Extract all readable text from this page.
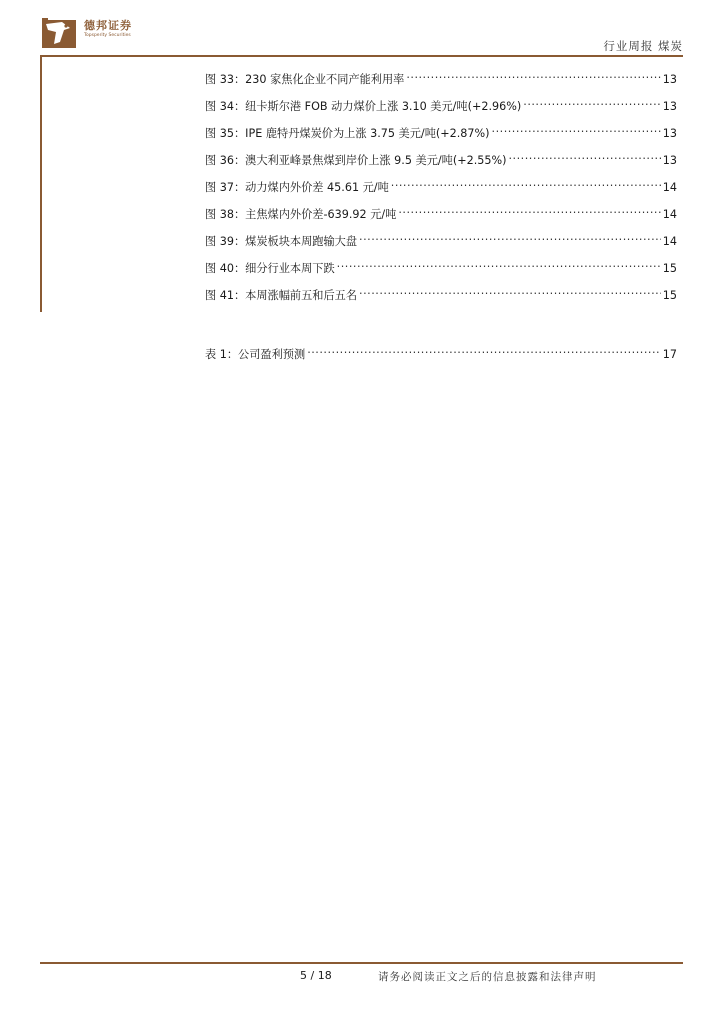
德邦证券
Topsperity Securities
行业周报 煤炭
图 33：230 家焦化企业不同产能利用率 .....	13
图 34：纽卡斯尔港 FOB 动力煤价上涨 3.10 美元/吨(+2.96%) .....	13
图 35：IPE 鹿特丹煤炭价为上涨 3.75 美元/吨(+2.87%) .....	13
图 36：澳大利亚峰景焦煤到岸价上涨 9.5 美元/吨(+2.55%) .....	13
图 37：动力煤内外价差 45.61 元/吨 .....	14
图 38：主焦煤内外价差-639.92 元/吨 .....	14
图 39：煤炭板块本周跑输大盘 .....	14
图 40：细分行业本周下跌 .....	15
图 41：本周涨幅前五和后五名 .....	15
表 1：公司盈利预测 .....	17
5 / 18	请务必阅读正文之后的信息披露和法律声明
